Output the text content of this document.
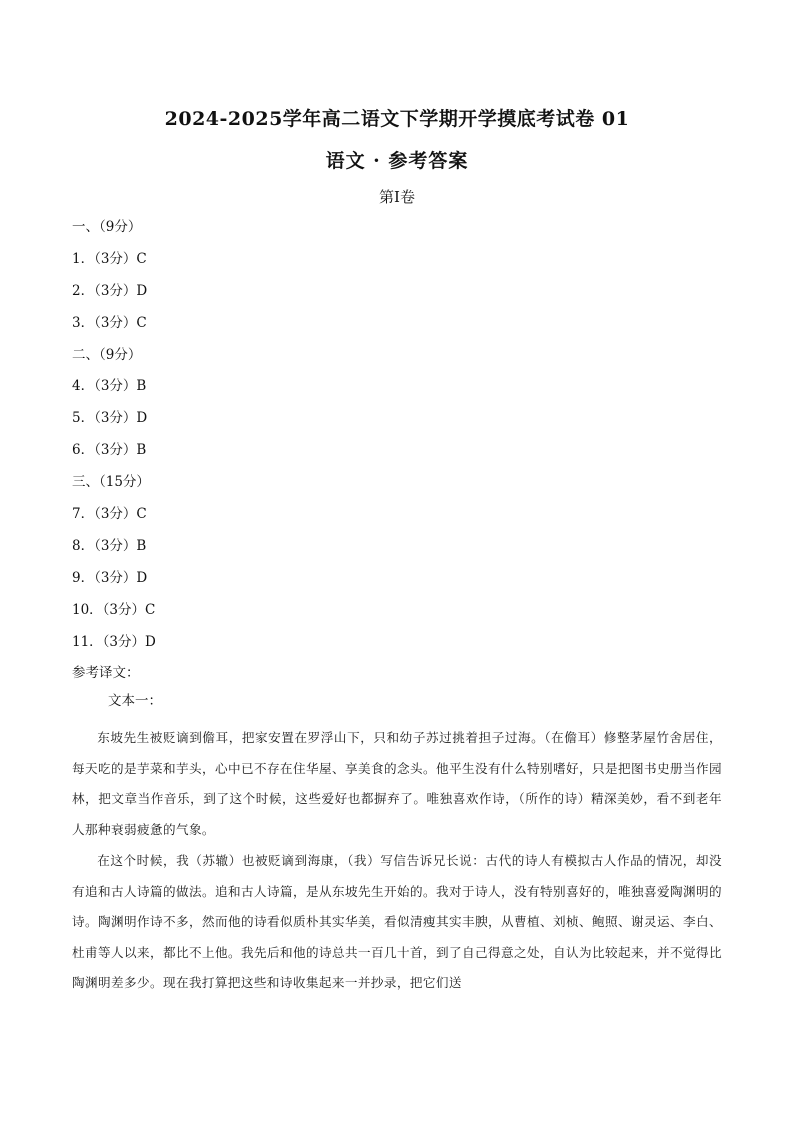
2024-2025学年高二语文下学期开学摸底考试卷 01
语文 · 参考答案
第Ⅰ卷
一、（9分）
1．（3分）C
2．（3分）D
3．（3分）C
二、（9分）
4．（3分）B
5．（3分）D
6．（3分）B
三、（15分）
7．（3分）C
8．（3分）B
9．（3分）D
10．（3分）C
11．（3分）D
参考译文：
文本一：
东坡先生被贬谪到儋耳，把家安置在罗浮山下，只和幼子苏过挑着担子过海。（在儋耳）修整茅屋竹舍居住，每天吃的是芋菜和芋头，心中已不存在住华屋、享美食的念头。他平生没有什么特别嗜好，只是把图书史册当作园林，把文章当作音乐，到了这个时候，这些爱好也都摒弃了。唯独喜欢作诗，（所作的诗）精深美妙，看不到老年人那种衰弱疲惫的气象。
在这个时候，我（苏辙）也被贬谪到海康，（我）写信告诉兄长说：古代的诗人有模拟古人作品的情况，却没有追和古人诗篇的做法。追和古人诗篇，是从东坡先生开始的。我对于诗人，没有特别喜好的，唯独喜爱陶渊明的诗。陶渊明作诗不多，然而他的诗看似质朴其实华美，看似清瘦其实丰腴，从曹植、刘桢、鲍照、谢灵运、李白、杜甫等人以来，都比不上他。我先后和他的诗总共一百几十首，到了自己得意之处，自认为比较起来，并不觉得比陶渊明差多少。现在我打算把这些和诗收集起来一并抄录，把它们送
